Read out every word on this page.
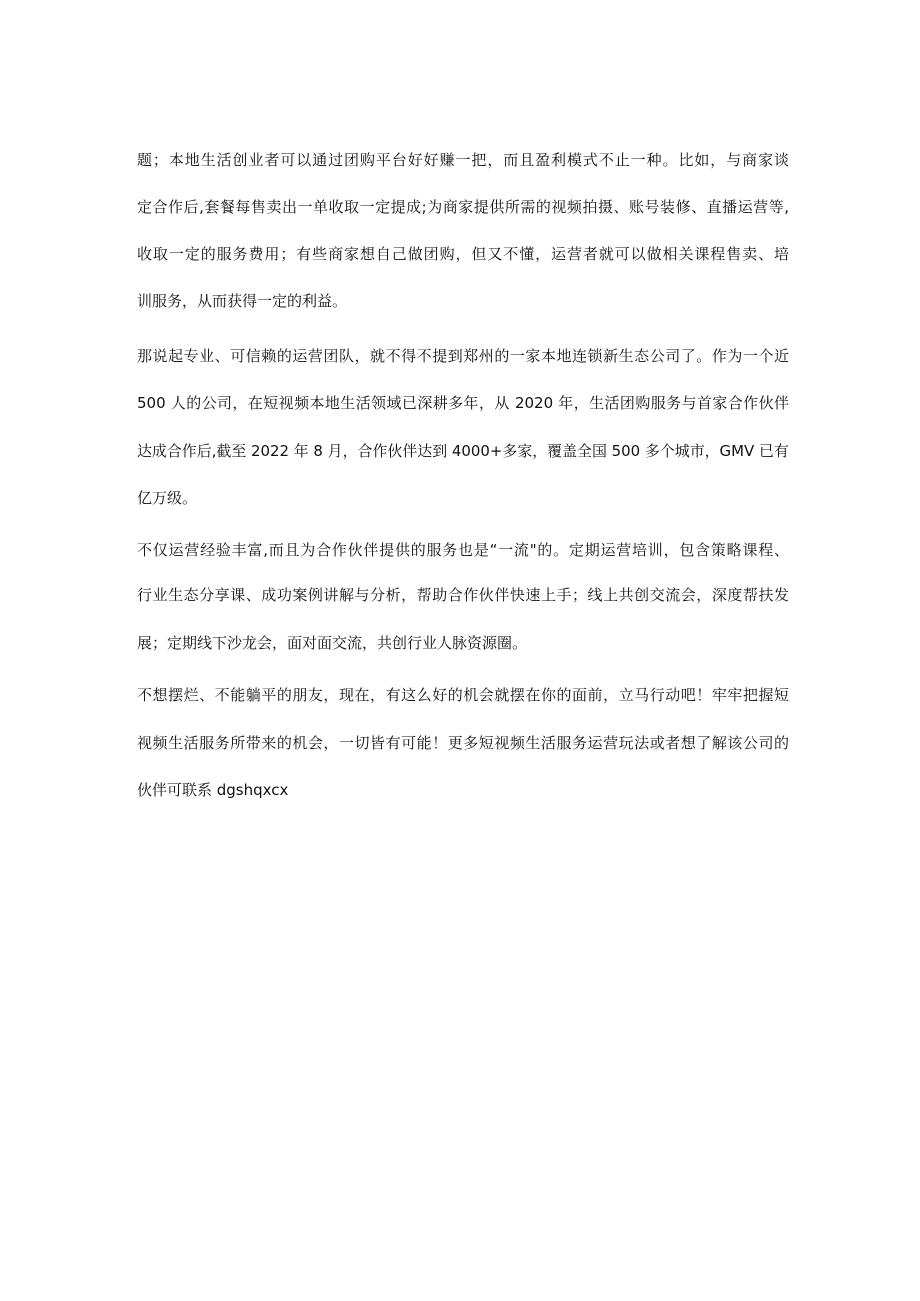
题；本地生活创业者可以通过团购平台好好赚一把，而且盈利模式不止一种。比如，与商家谈
定合作后,套餐每售卖出一单收取一定提成;为商家提供所需的视频拍摄、账号装修、直播运营等,
收取一定的服务费用；有些商家想自己做团购，但又不懂，运营者就可以做相关课程售卖、培
训服务，从而获得一定的利益。
那说起专业、可信赖的运营团队，就不得不提到郑州的一家本地连锁新生态公司了。作为一个近
500 人的公司，在短视频本地生活领域已深耕多年，从 2020 年，生活团购服务与首家合作伙伴
达成合作后,截至 2022 年 8 月，合作伙伴达到 4000+多家，覆盖全国 500 多个城市，GMV 已有
亿万级。
不仅运营经验丰富,而且为合作伙伴提供的服务也是“一流"的。定期运营培训，包含策略课程、
行业生态分享课、成功案例讲解与分析，帮助合作伙伴快速上手；线上共创交流会，深度帮扶发
展；定期线下沙龙会，面对面交流，共创行业人脉资源圈。
不想摆烂、不能躺平的朋友，现在，有这么好的机会就摆在你的面前，立马行动吧！牢牢把握短
视频生活服务所带来的机会，一切皆有可能！更多短视频生活服务运营玩法或者想了解该公司的
伙伴可联系 dgshqxcx
